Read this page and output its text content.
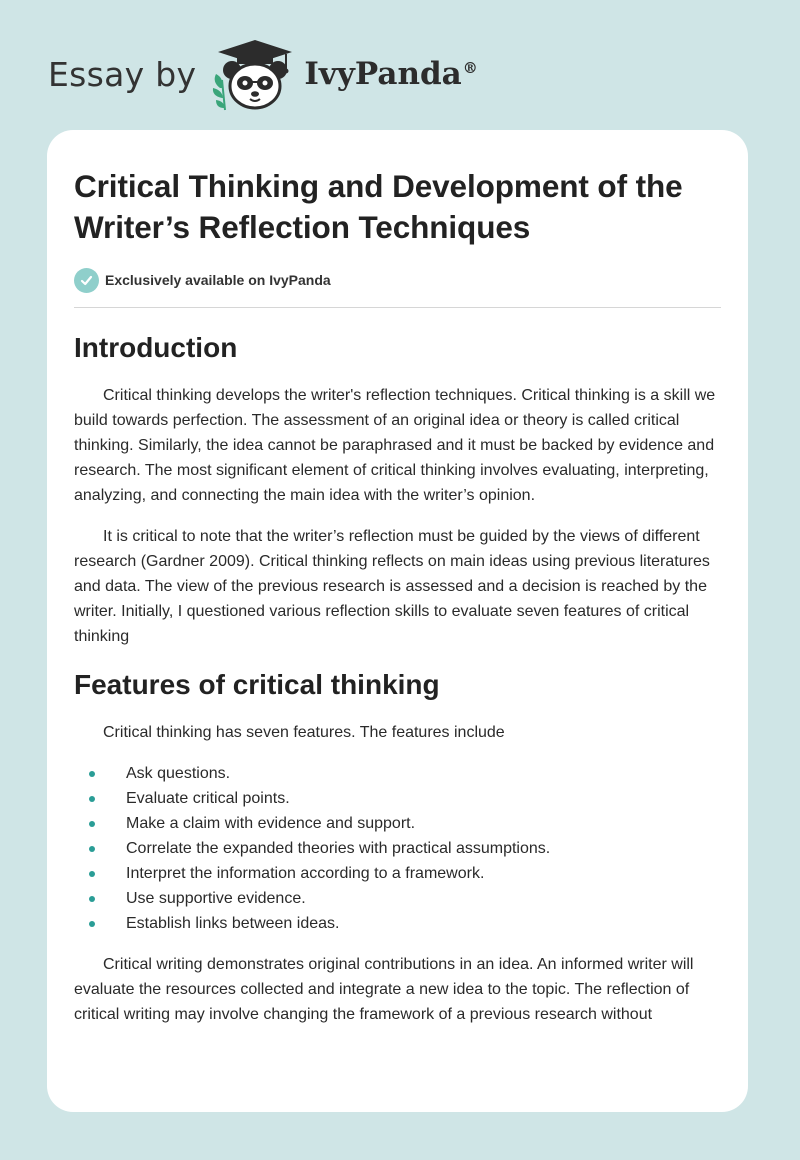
Essay by	IvyPanda®
Critical Thinking and Development of the Writer’s Reflection Techniques
Exclusively available on IvyPanda
Introduction

Critical thinking develops the writer's reflection techniques. Critical thinking is a skill we build towards perfection. The assessment of an original idea or theory is called critical thinking. Similarly, the idea cannot be paraphrased and it must be backed by evidence and research. The most significant element of critical thinking involves evaluating, interpreting, analyzing, and connecting the main idea with the writer’s opinion.

It is critical to note that the writer’s reflection must be guided by the views of different research (Gardner 2009). Critical thinking reflects on main ideas using previous literatures and data. The view of the previous research is assessed and a decision is reached by the writer. Initially, I questioned various reflection skills to evaluate seven features of critical thinking

Features of critical thinking

Critical thinking has seven features. The features include

Ask questions.
Evaluate critical points.
Make a claim with evidence and support.
Correlate the expanded theories with practical assumptions.
Interpret the information according to a framework.
Use supportive evidence.
Establish links between ideas.

Critical writing demonstrates original contributions in an idea. An informed writer will evaluate the resources collected and integrate a new idea to the topic. The reflection of critical writing may involve changing the framework of a previous research without
